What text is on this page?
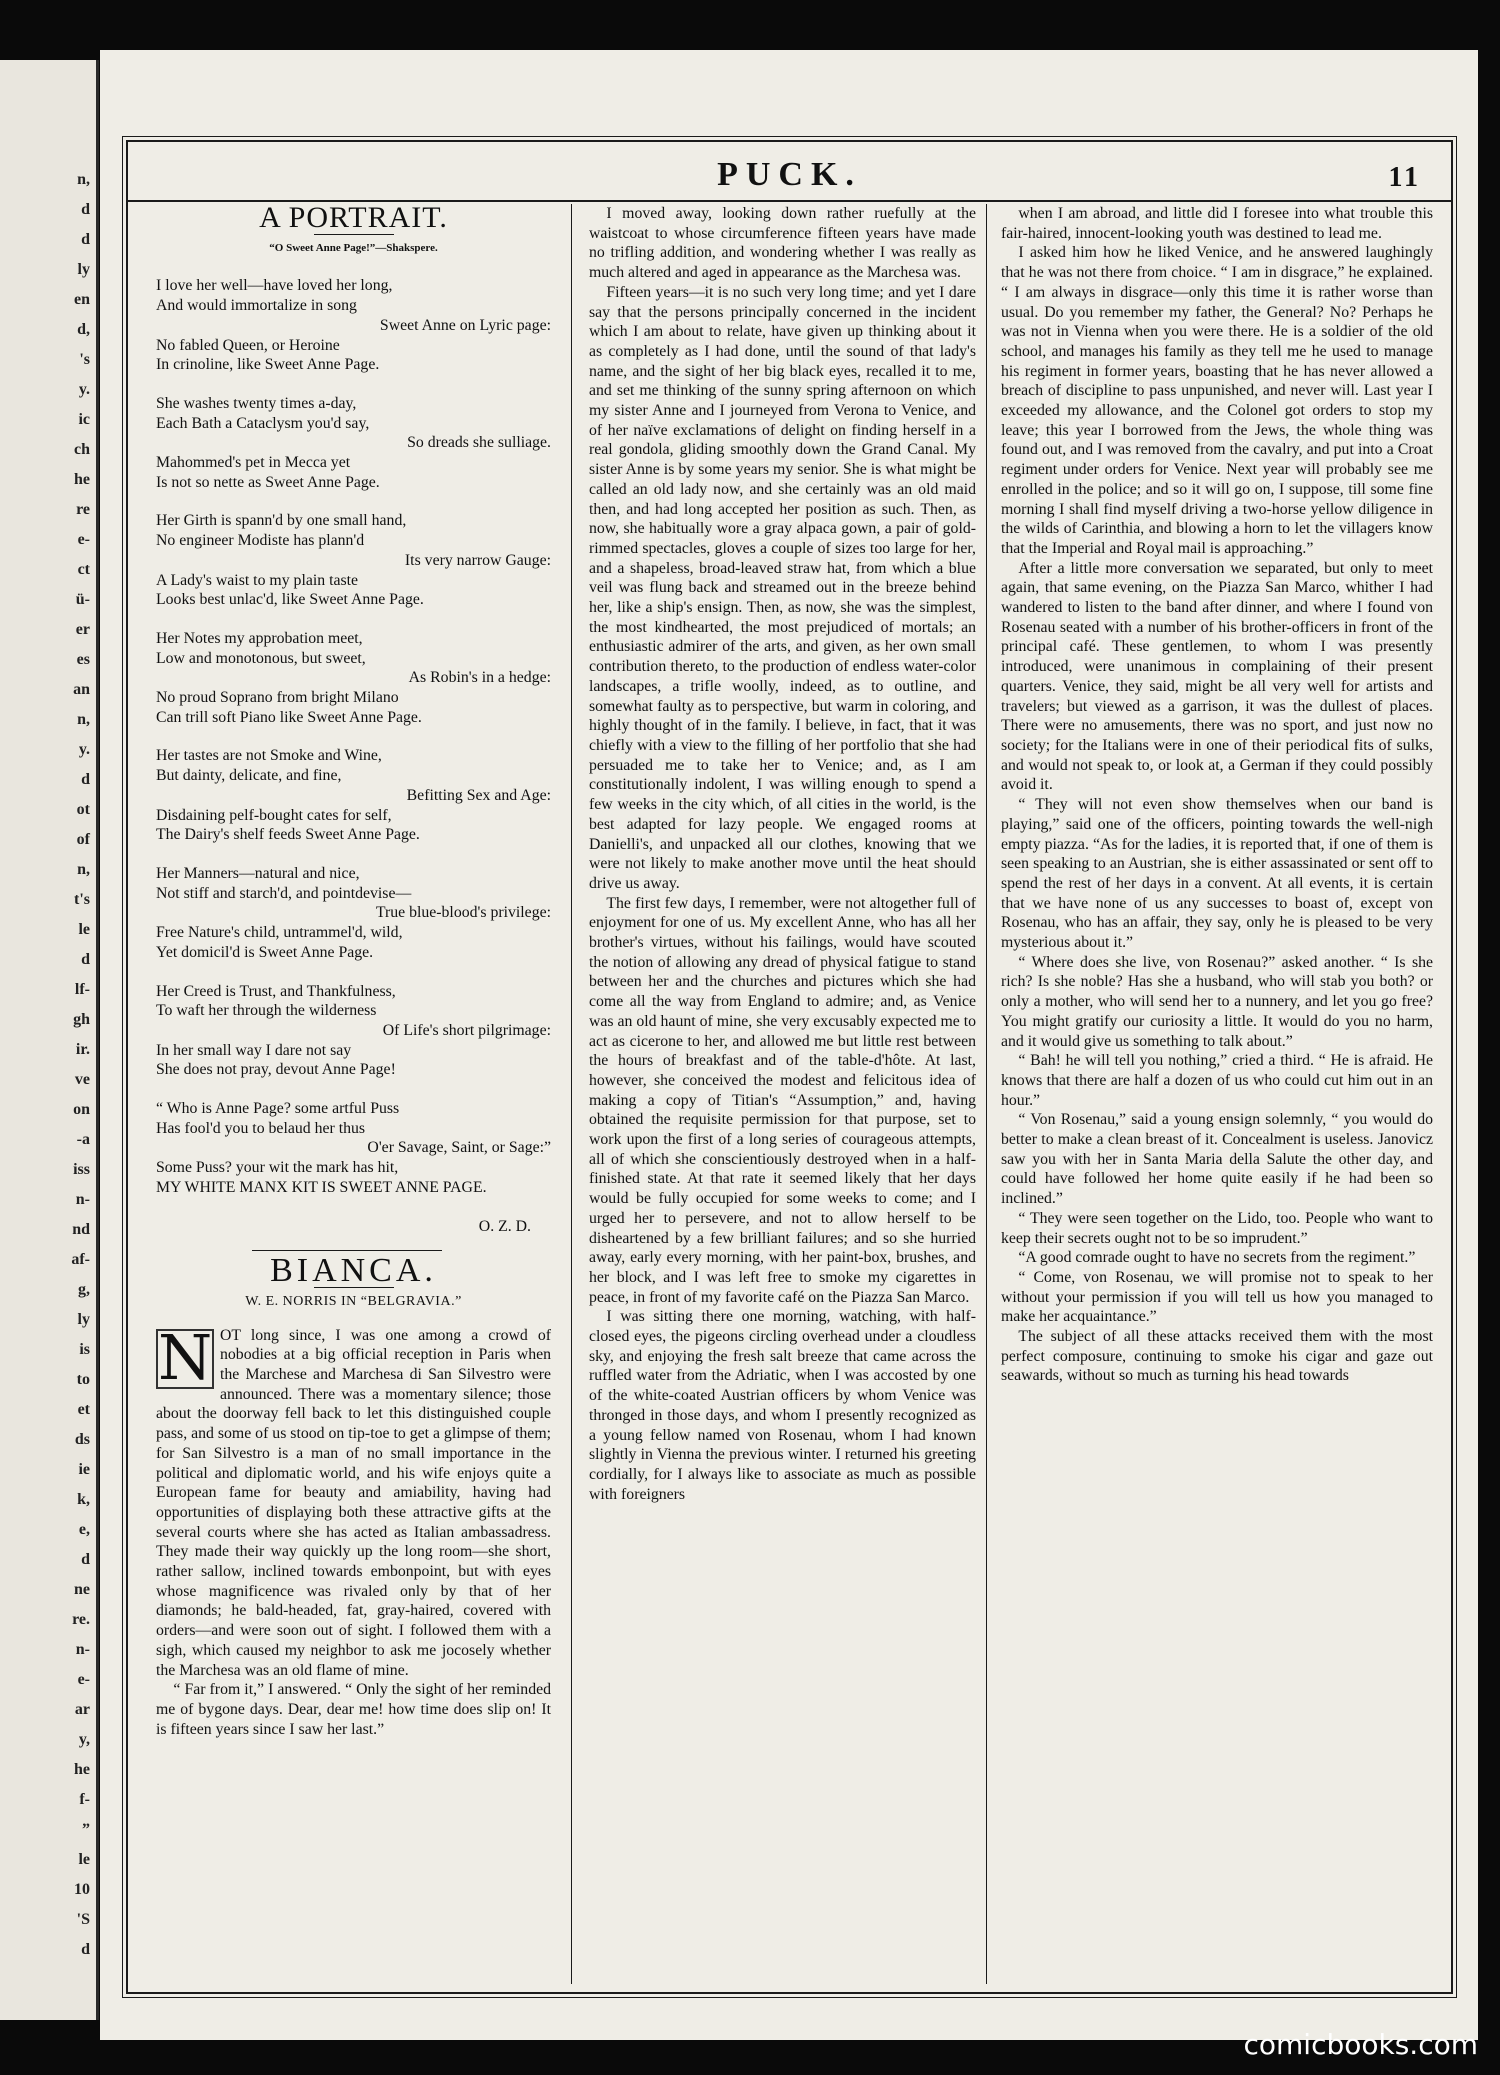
n,
d
d
ly
en
d,
's
y.
ic
ch
he
re
e-
ct
ü-
er
es
an
n,
y.
d
ot
of
n,
t's
le
d
lf-
gh
ir.
ve
on
-a
iss
n-
nd
af-
g,
ly
is
to
et
ds
ie
k,
e,
d
ne
re.
n-
e-
ar
y,
he
f-
”
le
10
'S
d
PUCK.	11
A PORTRAIT.
“O Sweet Anne Page!”—Shakspere.
I love her well—have loved her long,
And would immortalize in song
Sweet Anne on Lyric page:
No fabled Queen, or Heroine
In crinoline, like Sweet Anne Page.
She washes twenty times a-day,
Each Bath a Cataclysm you'd say,
So dreads she sulliage.
Mahommed's pet in Mecca yet
Is not so nette as Sweet Anne Page.
Her Girth is spann'd by one small hand,
No engineer Modiste has plann'd
Its very narrow Gauge:
A Lady's waist to my plain taste
Looks best unlac'd, like Sweet Anne Page.
Her Notes my approbation meet,
Low and monotonous, but sweet,
As Robin's in a hedge:
No proud Soprano from bright Milano
Can trill soft Piano like Sweet Anne Page.
Her tastes are not Smoke and Wine,
But dainty, delicate, and fine,
Befitting Sex and Age:
Disdaining pelf-bought cates for self,
The Dairy's shelf feeds Sweet Anne Page.
Her Manners—natural and nice,
Not stiff and starch'd, and pointdevise—
True blue-blood's privilege:
Free Nature's child, untrammel'd, wild,
Yet domicil'd is Sweet Anne Page.
Her Creed is Trust, and Thankfulness,
To waft her through the wilderness
Of Life's short pilgrimage:
In her small way I dare not say
She does not pray, devout Anne Page!
“ Who is Anne Page? some artful Puss
Has fool'd you to belaud her thus
O'er Savage, Saint, or Sage:”
Some Puss? your wit the mark has hit,
MY WHITE MANX KIT IS SWEET ANNE PAGE.
O. Z. D.
BIANCA.
W. E. NORRIS IN “BELGRAVIA.”
N OT long since, I was one among a crowd of nobodies at a big official reception in Paris when the Marchese and Marchesa di San Silvestro were announced. There was a momentary silence; those about the doorway fell back to let this distinguished couple pass, and some of us stood on tip-toe to get a glimpse of them; for San Silvestro is a man of no small importance in the political and diplomatic world, and his wife enjoys quite a European fame for beauty and amiability, having had opportunities of displaying both these attractive gifts at the several courts where she has acted as Italian ambassadress. They made their way quickly up the long room—she short, rather sallow, inclined towards embonpoint, but with eyes whose magnificence was rivaled only by that of her diamonds; he bald-headed, fat, gray-haired, covered with orders—and were soon out of sight. I followed them with a sigh, which caused my neighbor to ask me jocosely whether the Marchesa was an old flame of mine.

“ Far from it,” I answered. “ Only the sight of her reminded me of bygone days. Dear, dear me! how time does slip on! It is fifteen years since I saw her last.”

I moved away, looking down rather ruefully at the waistcoat to whose circumference fifteen years have made no trifling addition, and wondering whether I was really as much altered and aged in appearance as the Marchesa was.

Fifteen years—it is no such very long time; and yet I dare say that the persons principally concerned in the incident which I am about to relate, have given up thinking about it as completely as I had done, until the sound of that lady's name, and the sight of her big black eyes, recalled it to me, and set me thinking of the sunny spring afternoon on which my sister Anne and I journeyed from Verona to Venice, and of her naïve exclamations of delight on finding herself in a real gondola, gliding smoothly down the Grand Canal. My sister Anne is by some years my senior. She is what might be called an old lady now, and she certainly was an old maid then, and had long accepted her position as such. Then, as now, she habitually wore a gray alpaca gown, a pair of gold-rimmed spectacles, gloves a couple of sizes too large for her, and a shapeless, broad-leaved straw hat, from which a blue veil was flung back and streamed out in the breeze behind her, like a ship's ensign. Then, as now, she was the simplest, the most kindhearted, the most prejudiced of mortals; an enthusiastic admirer of the arts, and given, as her own small contribution thereto, to the production of endless water-color landscapes, a trifle woolly, indeed, as to outline, and somewhat faulty as to perspective, but warm in coloring, and highly thought of in the family. I believe, in fact, that it was chiefly with a view to the filling of her portfolio that she had persuaded me to take her to Venice; and, as I am constitutionally indolent, I was willing enough to spend a few weeks in the city which, of all cities in the world, is the best adapted for lazy people. We engaged rooms at Danielli's, and unpacked all our clothes, knowing that we were not likely to make another move until the heat should drive us away.

The first few days, I remember, were not altogether full of enjoyment for one of us. My excellent Anne, who has all her brother's virtues, without his failings, would have scouted the notion of allowing any dread of physical fatigue to stand between her and the churches and pictures which she had come all the way from England to admire; and, as Venice was an old haunt of mine, she very excusably expected me to act as cicerone to her, and allowed me but little rest between the hours of breakfast and of the table-d'hôte. At last, however, she conceived the modest and felicitous idea of making a copy of Titian's “Assumption,” and, having obtained the requisite permission for that purpose, set to work upon the first of a long series of courageous attempts, all of which she conscientiously destroyed when in a half-finished state. At that rate it seemed likely that her days would be fully occupied for some weeks to come; and I urged her to persevere, and not to allow herself to be disheartened by a few brilliant failures; and so she hurried away, early every morning, with her paint-box, brushes, and her block, and I was left free to smoke my cigarettes in peace, in front of my favorite café on the Piazza San Marco.

I was sitting there one morning, watching, with half-closed eyes, the pigeons circling overhead under a cloudless sky, and enjoying the fresh salt breeze that came across the ruffled water from the Adriatic, when I was accosted by one of the white-coated Austrian officers by whom Venice was thronged in those days, and whom I presently recognized as a young fellow named von Rosenau, whom I had known slightly in Vienna the previous winter. I returned his greeting cordially, for I always like to associate as much as possible with foreigners

when I am abroad, and little did I foresee into what trouble this fair-haired, innocent-looking youth was destined to lead me.

I asked him how he liked Venice, and he answered laughingly that he was not there from choice. “ I am in disgrace,” he explained. “ I am always in disgrace—only this time it is rather worse than usual. Do you remember my father, the General? No? Perhaps he was not in Vienna when you were there. He is a soldier of the old school, and manages his family as they tell me he used to manage his regiment in former years, boasting that he has never allowed a breach of discipline to pass unpunished, and never will. Last year I exceeded my allowance, and the Colonel got orders to stop my leave; this year I borrowed from the Jews, the whole thing was found out, and I was removed from the cavalry, and put into a Croat regiment under orders for Venice. Next year will probably see me enrolled in the police; and so it will go on, I suppose, till some fine morning I shall find myself driving a two-horse yellow diligence in the wilds of Carinthia, and blowing a horn to let the villagers know that the Imperial and Royal mail is approaching.”

After a little more conversation we separated, but only to meet again, that same evening, on the Piazza San Marco, whither I had wandered to listen to the band after dinner, and where I found von Rosenau seated with a number of his brother-officers in front of the principal café. These gentlemen, to whom I was presently introduced, were unanimous in complaining of their present quarters. Venice, they said, might be all very well for artists and travelers; but viewed as a garrison, it was the dullest of places. There were no amusements, there was no sport, and just now no society; for the Italians were in one of their periodical fits of sulks, and would not speak to, or look at, a German if they could possibly avoid it.

“ They will not even show themselves when our band is playing,” said one of the officers, pointing towards the well-nigh empty piazza. “As for the ladies, it is reported that, if one of them is seen speaking to an Austrian, she is either assassinated or sent off to spend the rest of her days in a convent. At all events, it is certain that we have none of us any successes to boast of, except von Rosenau, who has an affair, they say, only he is pleased to be very mysterious about it.”

“ Where does she live, von Rosenau?” asked another. “ Is she rich? Is she noble? Has she a husband, who will stab you both? or only a mother, who will send her to a nunnery, and let you go free? You might gratify our curiosity a little. It would do you no harm, and it would give us something to talk about.”

“ Bah! he will tell you nothing,” cried a third. “ He is afraid. He knows that there are half a dozen of us who could cut him out in an hour.”

“ Von Rosenau,” said a young ensign solemnly, “ you would do better to make a clean breast of it. Concealment is useless. Janovicz saw you with her in Santa Maria della Salute the other day, and could have followed her home quite easily if he had been so inclined.”

“ They were seen together on the Lido, too. People who want to keep their secrets ought not to be so imprudent.”

“A good comrade ought to have no secrets from the regiment.”

“ Come, von Rosenau, we will promise not to speak to her without your permission if you will tell us how you managed to make her acquaintance.”

The subject of all these attacks received them with the most perfect composure, continuing to smoke his cigar and gaze out seawards, without so much as turning his head towards

comicbooks.com
